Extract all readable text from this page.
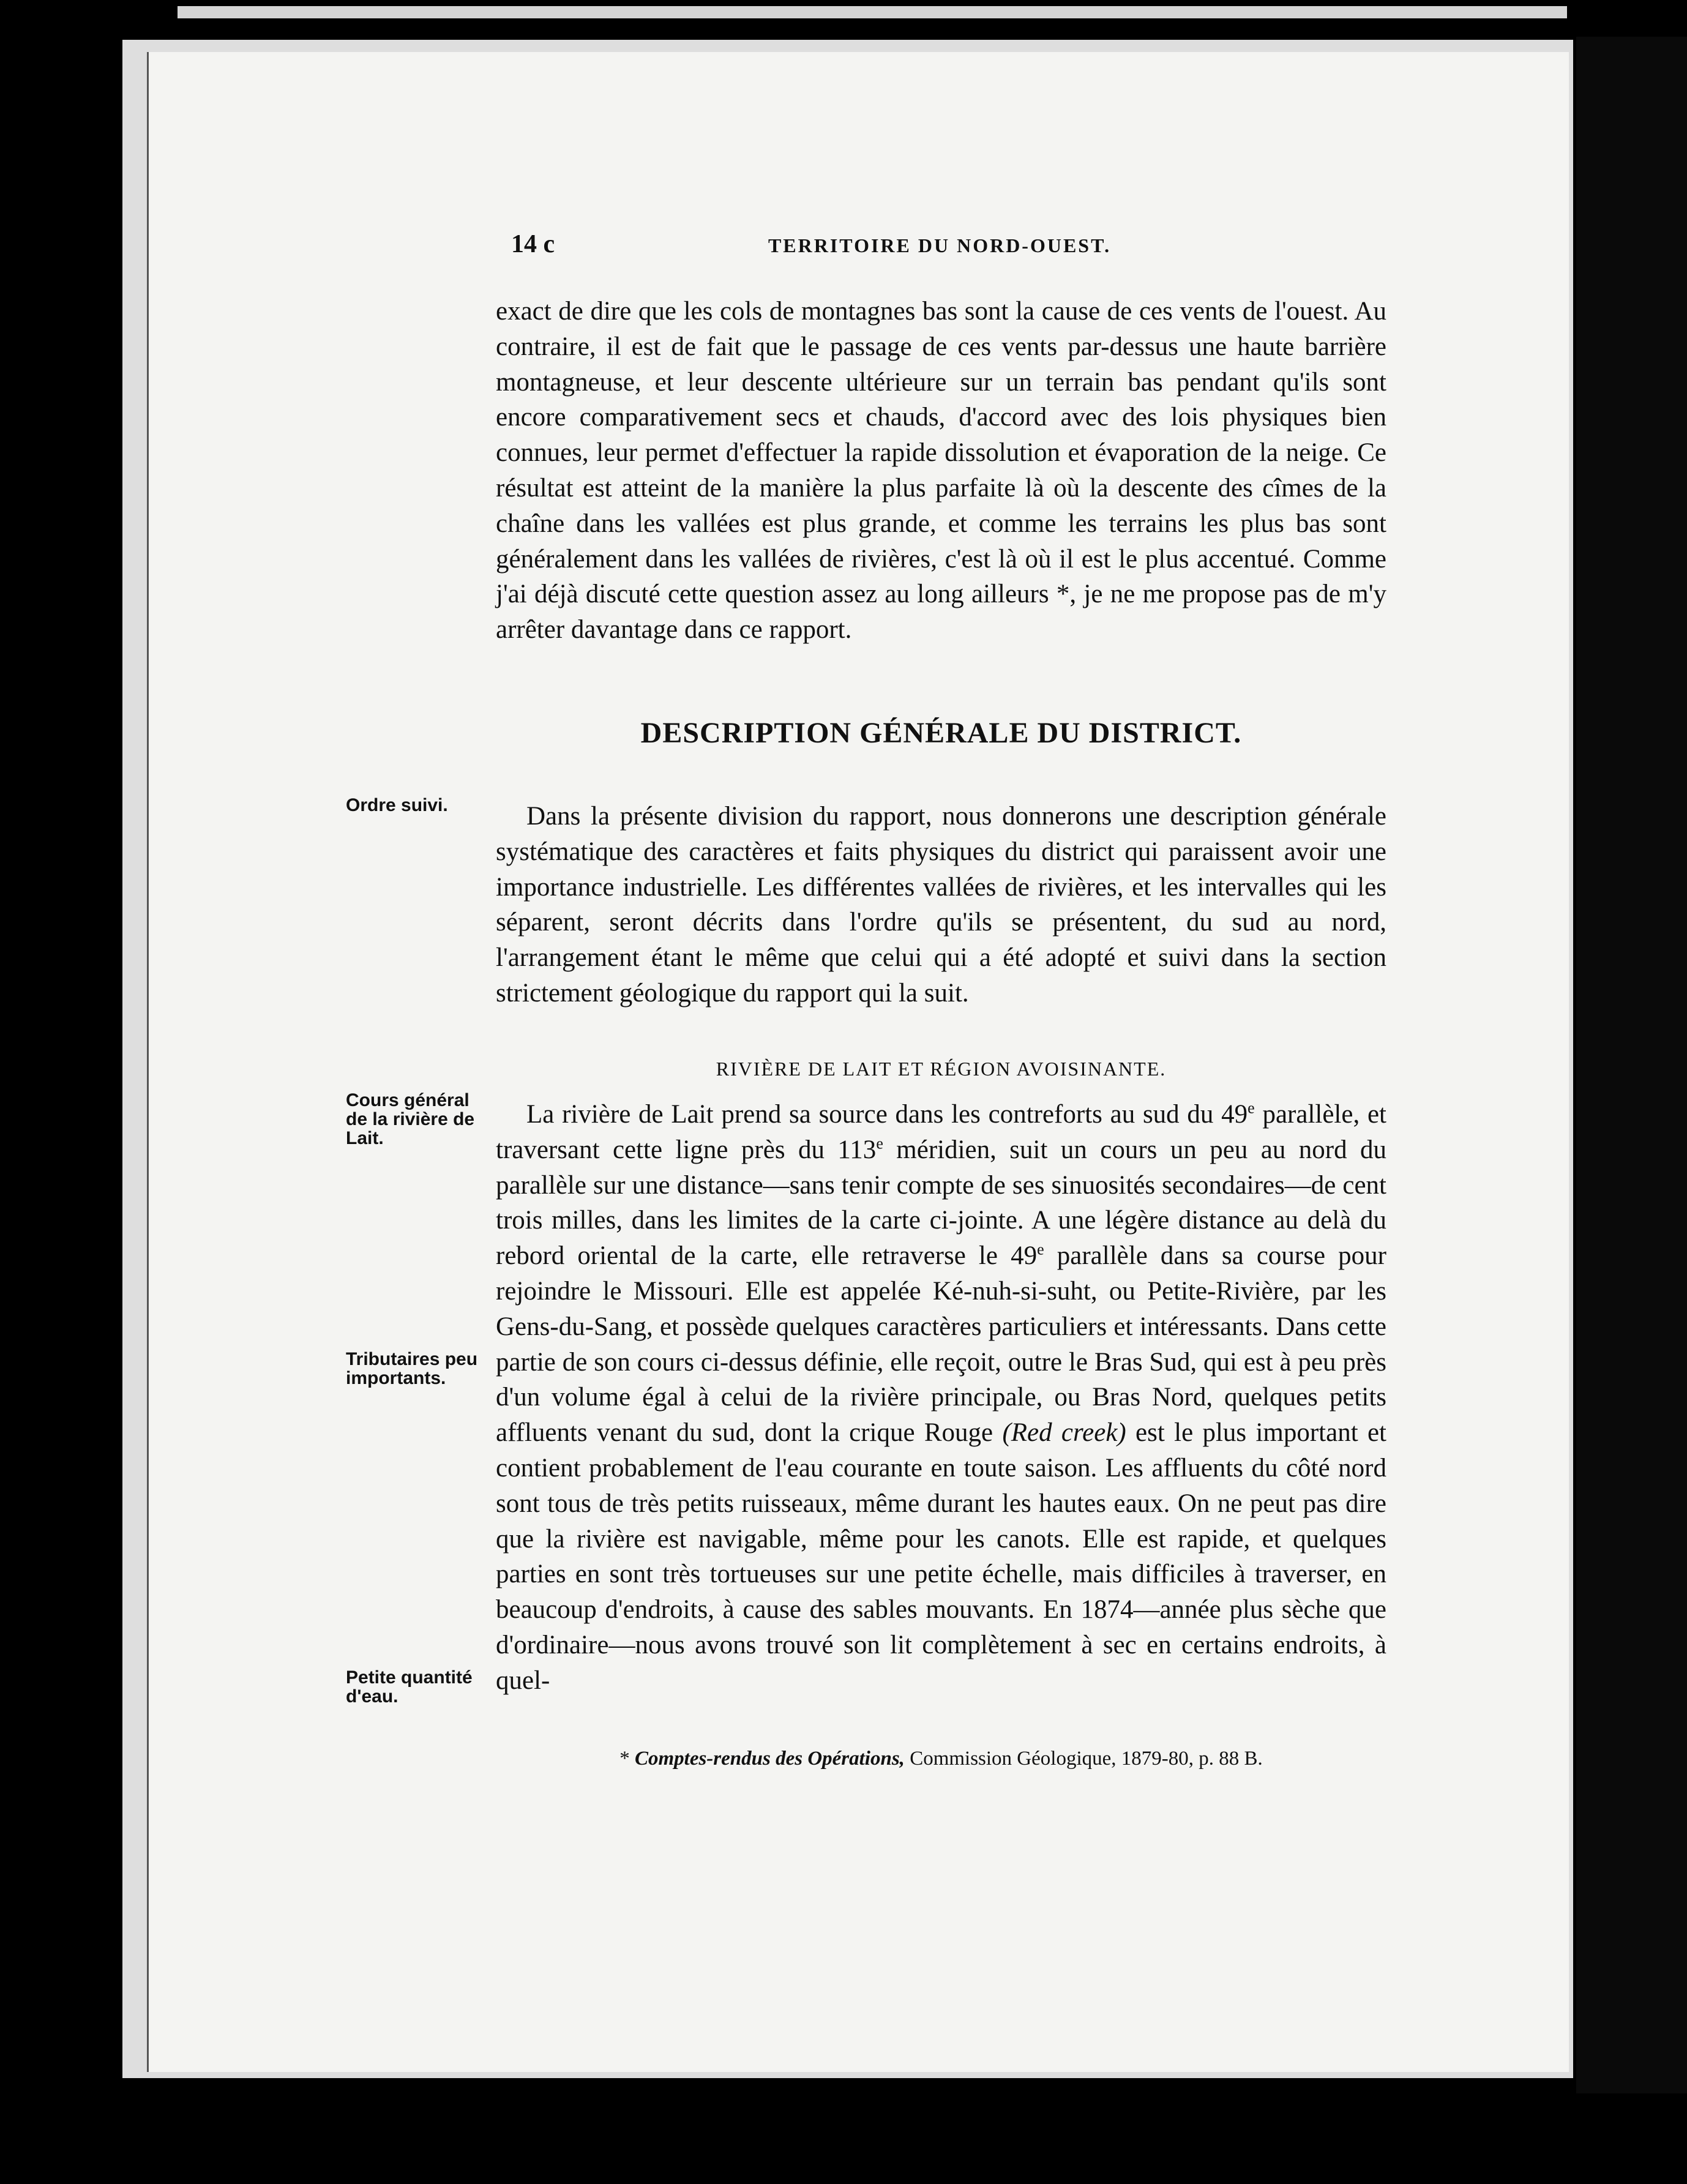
14 c	TERRITOIRE DU NORD-OUEST.
exact de dire que les cols de montagnes bas sont la cause de ces vents de l'ouest. Au contraire, il est de fait que le passage de ces vents par-dessus une haute barrière montagneuse, et leur descente ultérieure sur un terrain bas pendant qu'ils sont encore comparativement secs et chauds, d'accord avec des lois physiques bien connues, leur permet d'effectuer la rapide dissolution et évaporation de la neige. Ce résultat est atteint de la manière la plus parfaite là où la descente des cîmes de la chaîne dans les vallées est plus grande, et comme les terrains les plus bas sont généralement dans les vallées de rivières, c'est là où il est le plus accentué. Comme j'ai déjà discuté cette question assez au long ailleurs *, je ne me propose pas de m'y arrêter davantage dans ce rapport.
DESCRIPTION GÉNÉRALE DU DISTRICT.
Ordre suivi.	Dans la présente division du rapport, nous donnerons une description générale systématique des caractères et faits physiques du district qui paraissent avoir une importance industrielle. Les différentes vallées de rivières, et les intervalles qui les séparent, seront décrits dans l'ordre qu'ils se présentent, du sud au nord, l'arrangement étant le même que celui qui a été adopté et suivi dans la section strictement géologique du rapport qui la suit.
RIVIÈRE DE LAIT ET RÉGION AVOISINANTE.
Cours général de la rivière de Lait.
Tributaires peu importants.
Petite quantité d'eau.
La rivière de Lait prend sa source dans les contreforts au sud du 49e parallèle, et traversant cette ligne près du 113e méridien, suit un cours un peu au nord du parallèle sur une distance—sans tenir compte de ses sinuosités secondaires—de cent trois milles, dans les limites de la carte ci-jointe. A une légère distance au delà du rebord oriental de la carte, elle retraverse le 49e parallèle dans sa course pour rejoindre le Missouri. Elle est appelée Ké-nuh-si-suht, ou Petite-Rivière, par les Gens-du-Sang, et possède quelques caractères particuliers et intéressants. Dans cette partie de son cours ci-dessus définie, elle reçoit, outre le Bras Sud, qui est à peu près d'un volume égal à celui de la rivière principale, ou Bras Nord, quelques petits affluents venant du sud, dont la crique Rouge (Red creek) est le plus important et contient probablement de l'eau courante en toute saison. Les affluents du côté nord sont tous de très petits ruisseaux, même durant les hautes eaux. On ne peut pas dire que la rivière est navigable, même pour les canots. Elle est rapide, et quelques parties en sont très tortueuses sur une petite échelle, mais difficiles à traverser, en beaucoup d'endroits, à cause des sables mouvants. En 1874—année plus sèche que d'ordinaire—nous avons trouvé son lit complètement à sec en certains endroits, à quel-
* Comptes-rendus des Opérations, Commission Géologique, 1879-80, p. 88 B.
